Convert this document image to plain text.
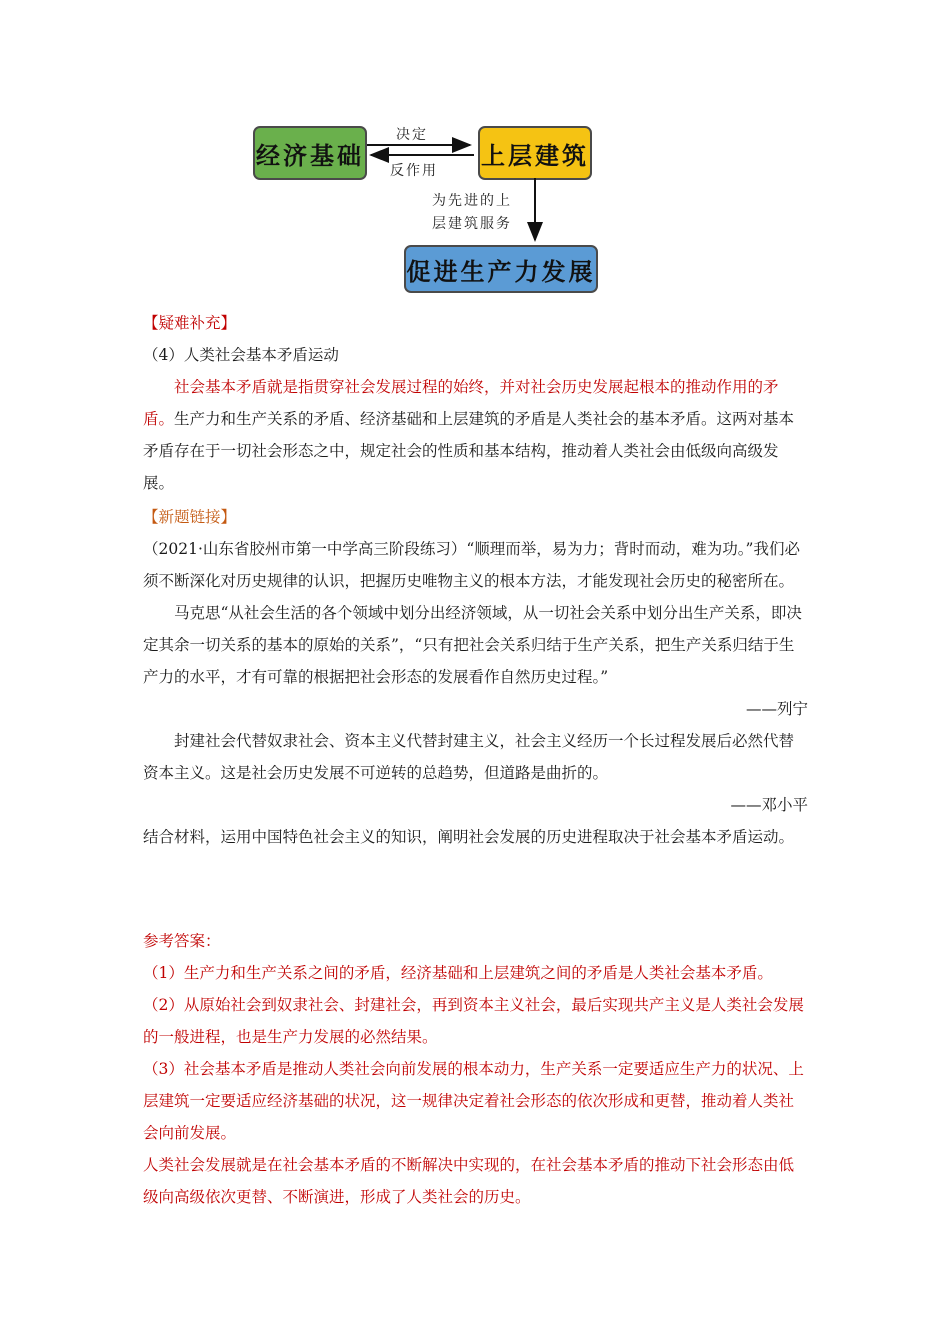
经济基础	上层建筑
促进生产力发展
决定
反作用
为先进的上
层建筑服务

【疑难补充】

（4）人类社会基本矛盾运动

社会基本矛盾就是指贯穿社会发展过程的始终，并对社会历史发展起根本的推动作用的矛盾。生产力和生产关系的矛盾、经济基础和上层建筑的矛盾是人类社会的基本矛盾。这两对基本矛盾存在于一切社会形态之中，规定社会的性质和基本结构，推动着人类社会由低级向高级发展。

【新题链接】

（2021·山东省胶州市第一中学高三阶段练习）“顺理而举，易为力；背时而动，难为功。”我们必须不断深化对历史规律的认识，把握历史唯物主义的根本方法，才能发现社会历史的秘密所在。

马克思“从社会生活的各个领域中划分出经济领域，从一切社会关系中划分出生产关系，即决定其余一切关系的基本的原始的关系”，“只有把社会关系归结于生产关系，把生产关系归结于生产力的水平，才有可靠的根据把社会形态的发展看作自然历史过程。”

——列宁

封建社会代替奴隶社会、资本主义代替封建主义，社会主义经历一个长过程发展后必然代替资本主义。这是社会历史发展不可逆转的总趋势，但道路是曲折的。

——邓小平

结合材料，运用中国特色社会主义的知识，阐明社会发展的历史进程取决于社会基本矛盾运动。

参考答案：

（1）生产力和生产关系之间的矛盾，经济基础和上层建筑之间的矛盾是人类社会基本矛盾。

（2）从原始社会到奴隶社会、封建社会，再到资本主义社会，最后实现共产主义是人类社会发展的一般进程，也是生产力发展的必然结果。

（3）社会基本矛盾是推动人类社会向前发展的根本动力，生产关系一定要适应生产力的状况、上层建筑一定要适应经济基础的状况，这一规律决定着社会形态的依次形成和更替，推动着人类社会向前发展。

人类社会发展就是在社会基本矛盾的不断解决中实现的，在社会基本矛盾的推动下社会形态由低级向高级依次更替、不断演进，形成了人类社会的历史。
